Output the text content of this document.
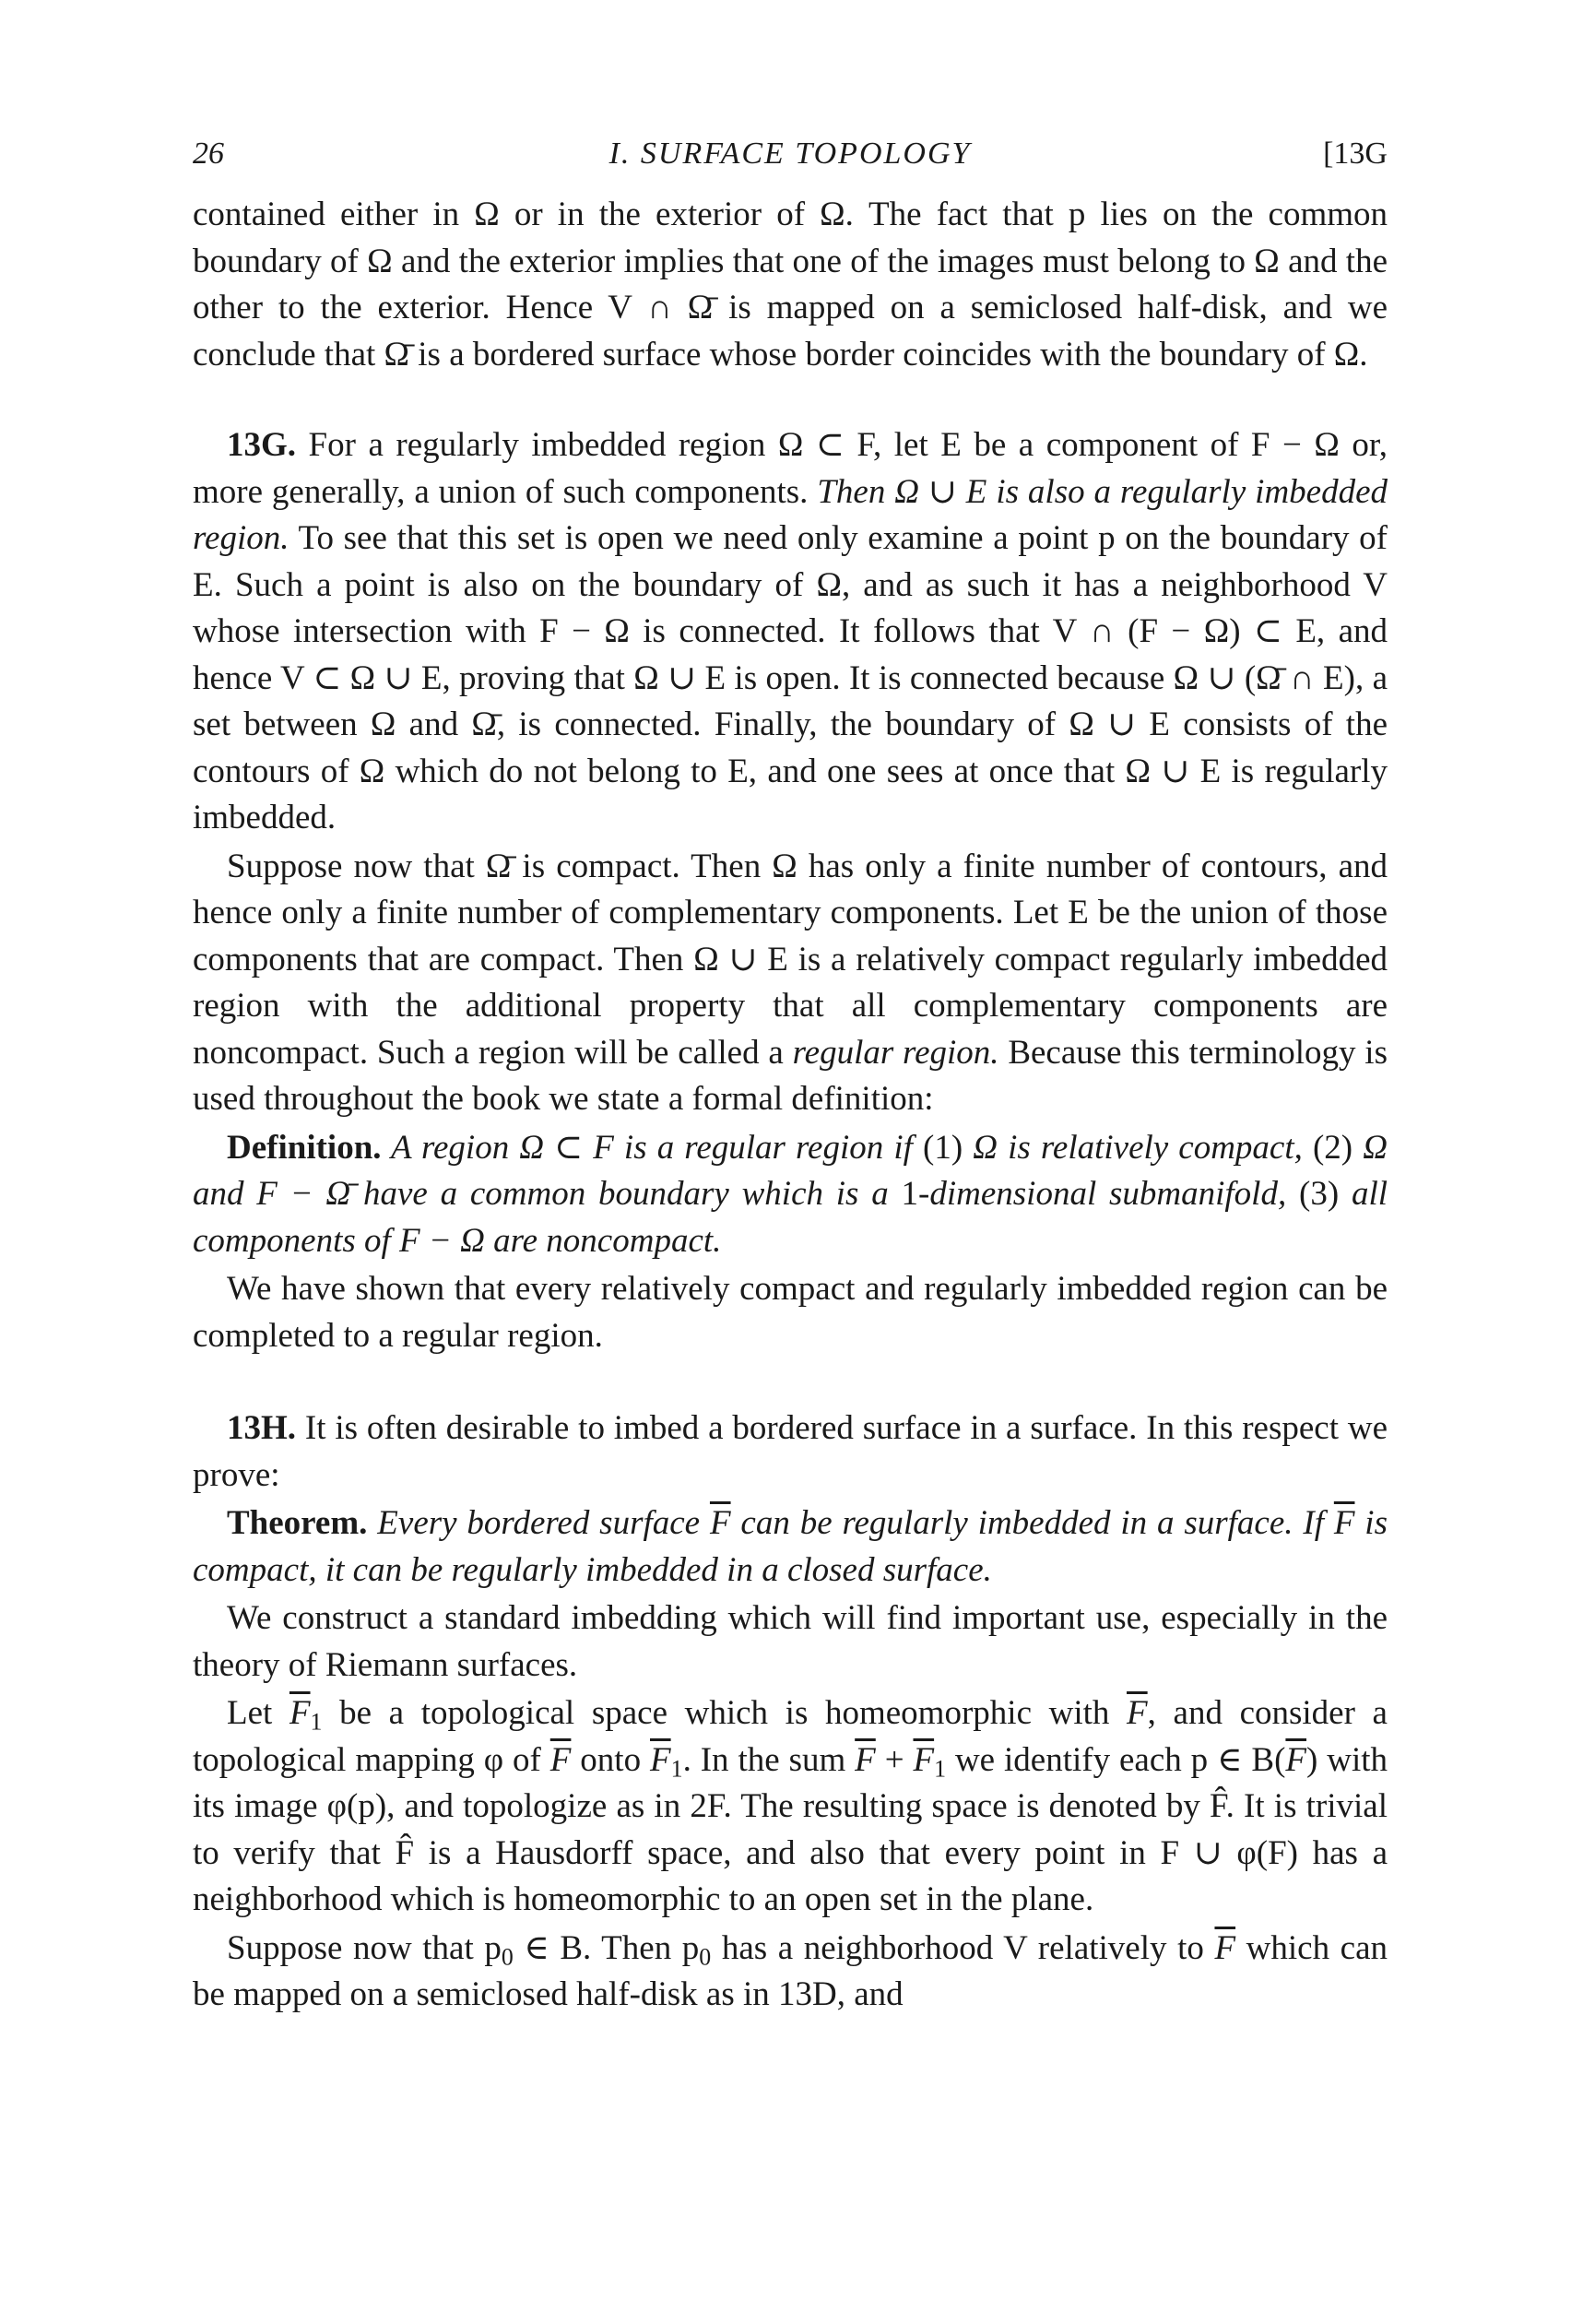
26	I. SURFACE TOPOLOGY	[13G

contained either in Ω or in the exterior of Ω. The fact that p lies on the common boundary of Ω and the exterior implies that one of the images must belong to Ω and the other to the exterior. Hence V ∩ Ω̄ is mapped on a semiclosed half-disk, and we conclude that Ω̄ is a bordered surface whose border coincides with the boundary of Ω.

13G. For a regularly imbedded region Ω ⊂ F, let E be a component of F − Ω or, more generally, a union of such components. Then Ω ∪ E is also a regularly imbedded region. To see that this set is open we need only examine a point p on the boundary of E. Such a point is also on the boundary of Ω, and as such it has a neighborhood V whose intersection with F − Ω is connected. It follows that V ∩ (F − Ω) ⊂ E, and hence V ⊂ Ω ∪ E, proving that Ω ∪ E is open. It is connected because Ω ∪ (Ω̄ ∩ E), a set between Ω and Ω̄, is connected. Finally, the boundary of Ω ∪ E consists of the contours of Ω which do not belong to E, and one sees at once that Ω ∪ E is regularly imbedded.

Suppose now that Ω̄ is compact. Then Ω has only a finite number of contours, and hence only a finite number of complementary components. Let E be the union of those components that are compact. Then Ω ∪ E is a relatively compact regularly imbedded region with the additional property that all complementary components are noncompact. Such a region will be called a regular region. Because this terminology is used throughout the book we state a formal definition:

Definition. A region Ω ⊂ F is a regular region if (1) Ω is relatively compact, (2) Ω and F − Ω̄ have a common boundary which is a 1-dimensional submanifold, (3) all components of F − Ω are noncompact.

We have shown that every relatively compact and regularly imbedded region can be completed to a regular region.

13H. It is often desirable to imbed a bordered surface in a surface. In this respect we prove:

Theorem. Every bordered surface $\overline{F}$ can be regularly imbedded in a surface. If $\overline{F}$ is compact, it can be regularly imbedded in a closed surface.

We construct a standard imbedding which will find important use, especially in the theory of Riemann surfaces.

Let $\overline{F}_1$ be a topological space which is homeomorphic with $\overline{F}$, and consider a topological mapping φ of $\overline{F}$ onto $\overline{F}_1$. In the sum $\overline{F} + \overline{F}_1$ we identify each p ∈ $B(\overline{F})$ with its image φ(p), and topologize as in 2F. The resulting space is denoted by F̂. It is trivial to verify that F̂ is a Hausdorff space, and also that every point in F ∪ φ(F) has a neighborhood which is homeomorphic to an open set in the plane.

Suppose now that $p_0$ ∈ B. Then $p_0$ has a neighborhood V relatively to $\overline{F}$ which can be mapped on a semiclosed half-disk as in 13D, and
